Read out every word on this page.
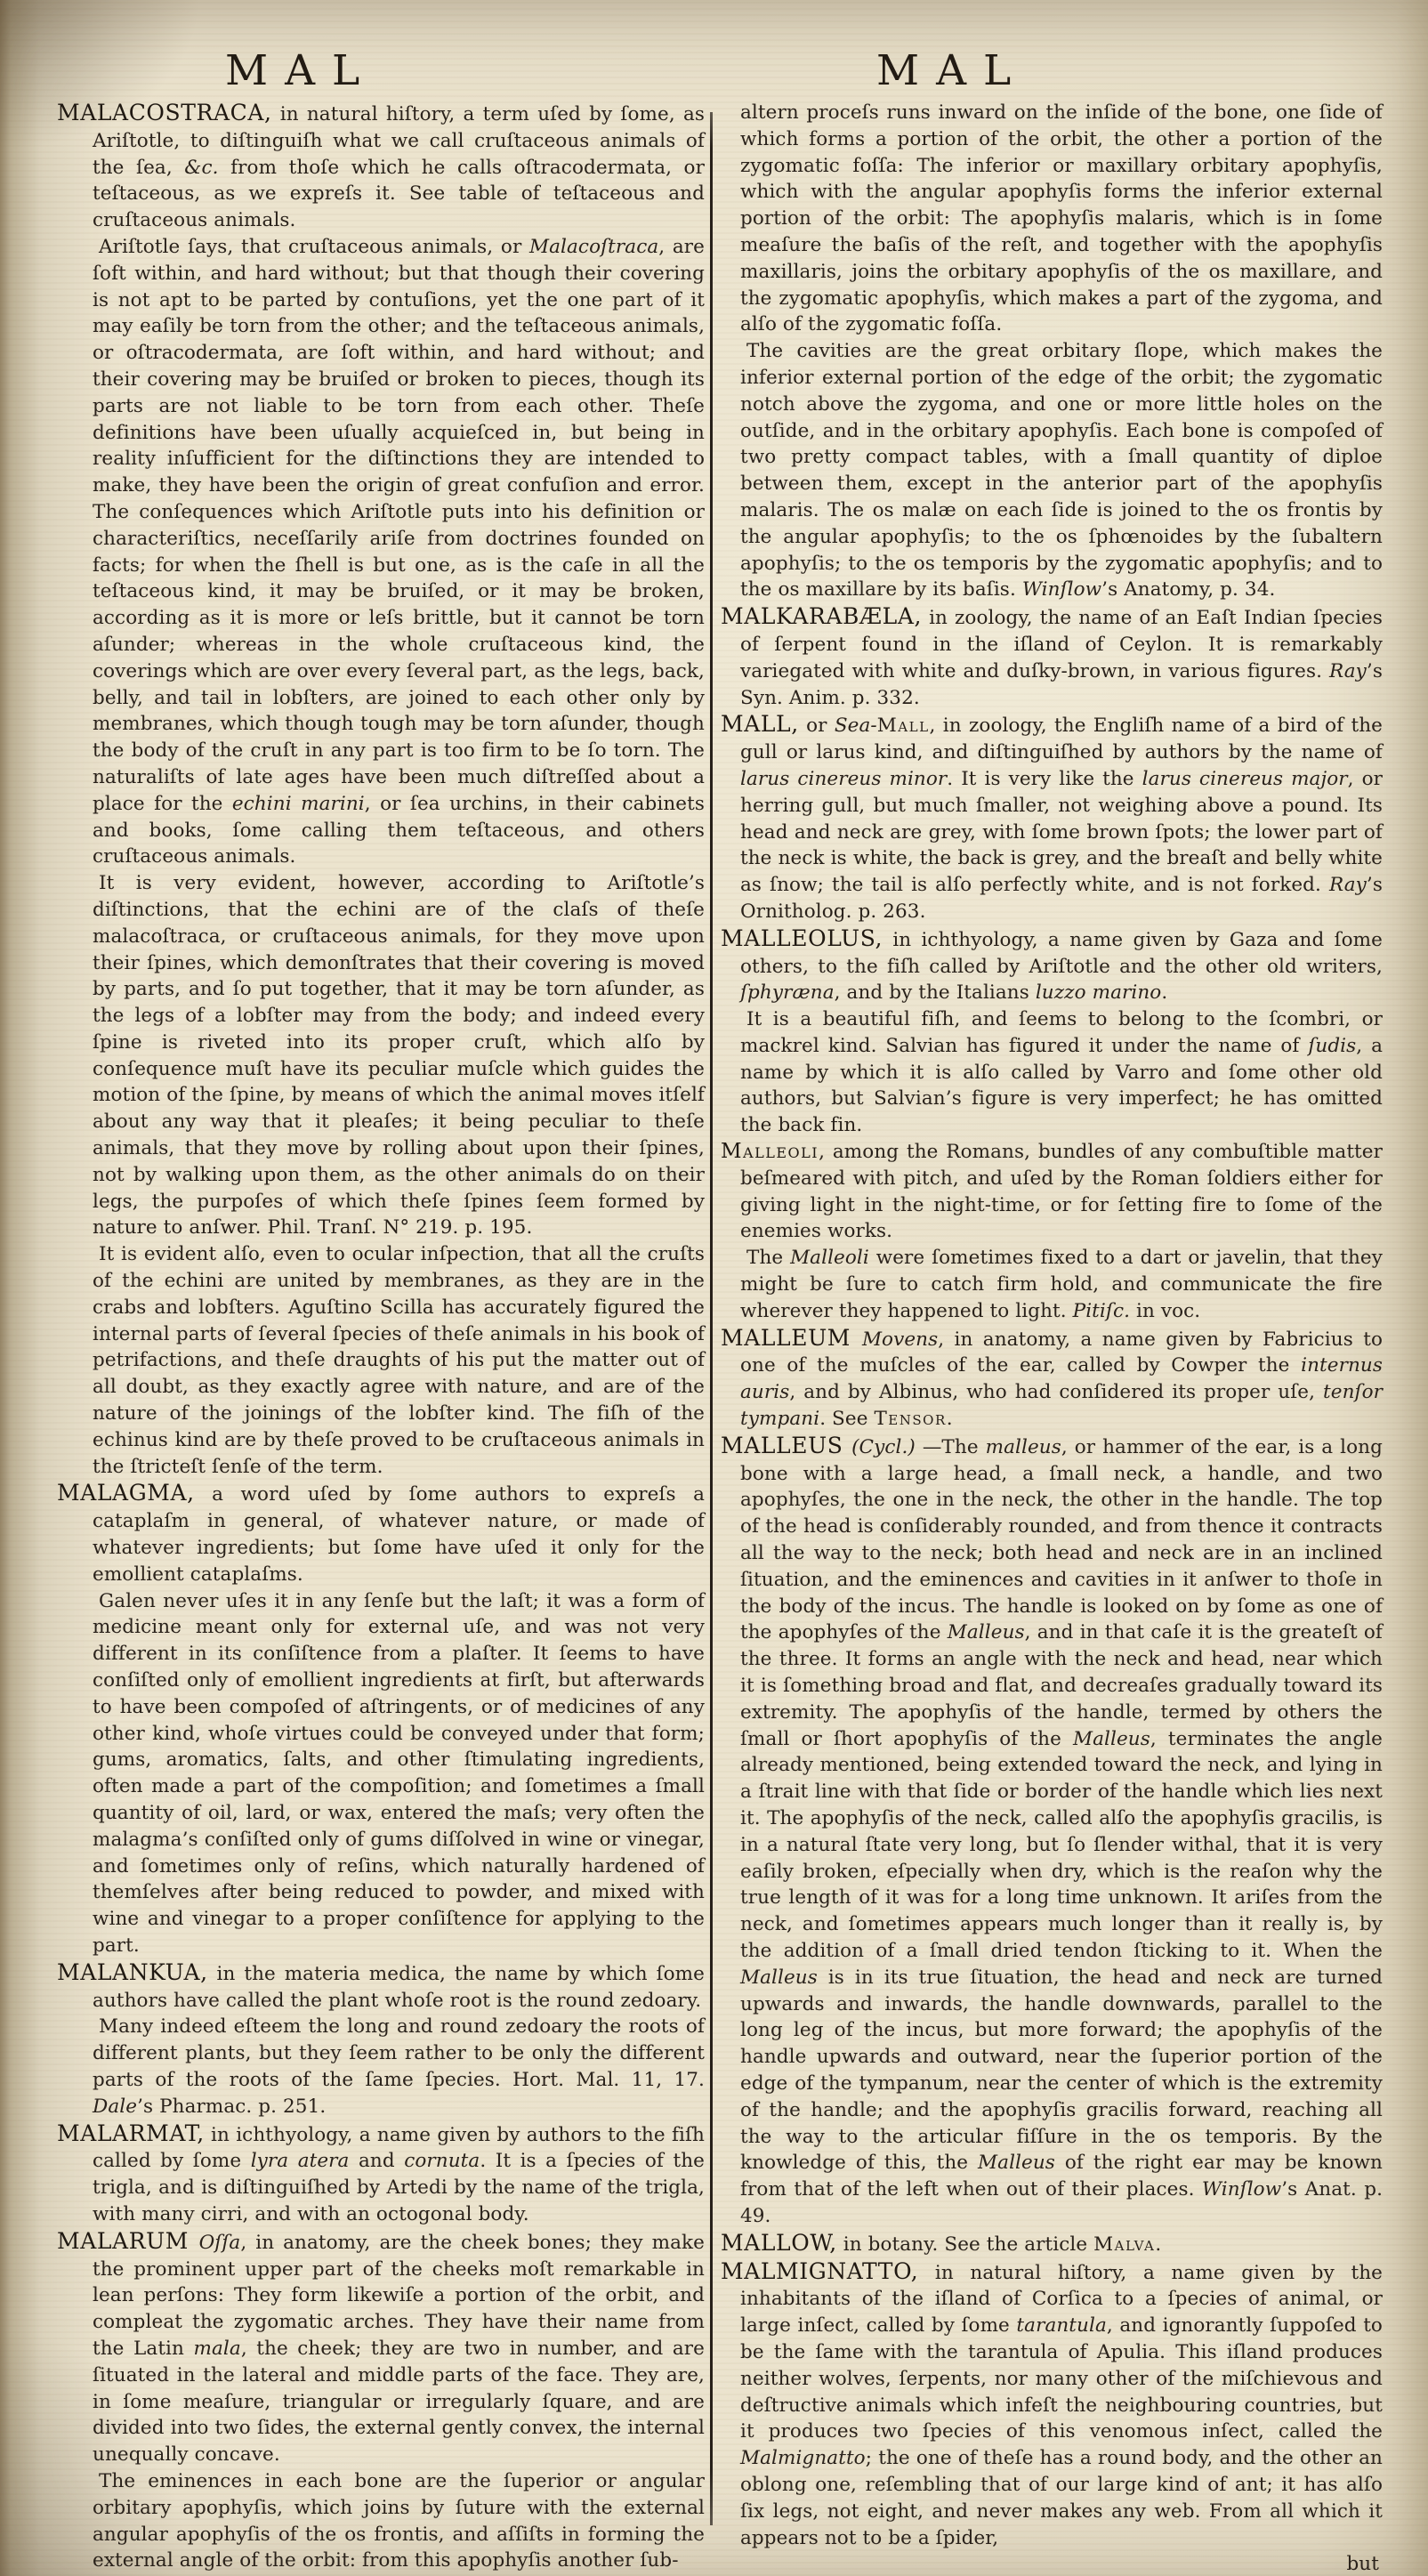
M A L	M A L
MALACOSTRACA, in natural hiſtory, a term uſed by ſome, as Ariſtotle, to diſtinguiſh what we call cruſtaceous animals of the ſea, &c. from thoſe which he calls oſtracodermata, or teſtaceous, as we expreſs it. See table of teſtaceous and cruſtaceous animals.
Ariſtotle ſays, that cruſtaceous animals, or Malacoſtraca, are ſoft within, and hard without; but that though their covering is not apt to be parted by contuſions, yet the one part of it may eaſily be torn from the other; and the teſtaceous animals, or oſtracodermata, are ſoft within, and hard without; and their covering may be bruiſed or broken to pieces, though its parts are not liable to be torn from each other. Theſe definitions have been uſually acquieſced in, but being in reality inſufficient for the diſtinctions they are intended to make, they have been the origin of great confuſion and error. The conſequences which Ariſtotle puts into his definition or characteriſtics, neceſſarily ariſe from doctrines founded on facts; for when the ſhell is but one, as is the caſe in all the teſtaceous kind, it may be bruiſed, or it may be broken, according as it is more or leſs brittle, but it cannot be torn aſunder; whereas in the whole cruſtaceous kind, the coverings which are over every ſeveral part, as the legs, back, belly, and tail in lobſters, are joined to each other only by membranes, which though tough may be torn aſunder, though the body of the cruſt in any part is too firm to be ſo torn. The naturaliſts of late ages have been much diſtreſſed about a place for the echini marini, or ſea urchins, in their cabinets and books, ſome calling them teſtaceous, and others cruſtaceous animals.
It is very evident, however, according to Ariſtotle’s diſtinctions, that the echini are of the claſs of theſe malacoſtraca, or cruſtaceous animals, for they move upon their ſpines, which demonſtrates that their covering is moved by parts, and ſo put together, that it may be torn aſunder, as the legs of a lobſter may from the body; and indeed every ſpine is riveted into its proper cruſt, which alſo by conſequence muſt have its peculiar muſcle which guides the motion of the ſpine, by means of which the animal moves itſelf about any way that it pleaſes; it being peculiar to theſe animals, that they move by rolling about upon their ſpines, not by walking upon them, as the other animals do on their legs, the purpoſes of which theſe ſpines ſeem formed by nature to anſwer. Phil. Tranſ. N° 219. p. 195.
It is evident alſo, even to ocular inſpection, that all the cruſts of the echini are united by membranes, as they are in the crabs and lobſters. Aguſtino Scilla has accurately figured the internal parts of ſeveral ſpecies of theſe animals in his book of petrifactions, and theſe draughts of his put the matter out of all doubt, as they exactly agree with nature, and are of the nature of the joinings of the lobſter kind. The fiſh of the echinus kind are by theſe proved to be cruſtaceous animals in the ſtricteſt ſenſe of the term.
MALAGMA, a word uſed by ſome authors to expreſs a cataplaſm in general, of whatever nature, or made of whatever ingredients; but ſome have uſed it only for the emollient cataplaſms.
Galen never uſes it in any ſenſe but the laſt; it was a form of medicine meant only for external uſe, and was not very different in its conſiſtence from a plaſter. It ſeems to have conſiſted only of emollient ingredients at firſt, but afterwards to have been compoſed of aſtringents, or of medicines of any other kind, whoſe virtues could be conveyed under that form; gums, aromatics, ſalts, and other ſtimulating ingredients, often made a part of the compoſition; and ſometimes a ſmall quantity of oil, lard, or wax, entered the maſs; very often the malagma’s conſiſted only of gums diſſolved in wine or vinegar, and ſometimes only of reſins, which naturally hardened of themſelves after being reduced to powder, and mixed with wine and vinegar to a proper conſiſtence for applying to the part.
MALANKUA, in the materia medica, the name by which ſome authors have called the plant whoſe root is the round zedoary.
Many indeed eſteem the long and round zedoary the roots of different plants, but they ſeem rather to be only the different parts of the roots of the ſame ſpecies. Hort. Mal. 11, 17. Dale’s Pharmac. p. 251.
MALARMAT, in ichthyology, a name given by authors to the fiſh called by ſome lyra atera and cornuta. It is a ſpecies of the trigla, and is diſtinguiſhed by Artedi by the name of the trigla, with many cirri, and with an octogonal body.
MALARUM Oſſa, in anatomy, are the cheek bones; they make the prominent upper part of the cheeks moſt remarkable in lean perſons: They form likewiſe a portion of the orbit, and compleat the zygomatic arches. They have their name from the Latin mala, the cheek; they are two in number, and are ſituated in the lateral and middle parts of the face. They are, in ſome meaſure, triangular or irregularly ſquare, and are divided into two ſides, the external gently convex, the internal unequally concave.
The eminences in each bone are the ſuperior or angular orbitary apophyſis, which joins by ſuture with the external angular apophyſis of the os frontis, and aſſiſts in forming the external angle of the orbit: from this apophyſis another ſub-
altern proceſs runs inward on the inſide of the bone, one ſide of which forms a portion of the orbit, the other a portion of the zygomatic foſſa: The inferior or maxillary orbitary apophyſis, which with the angular apophyſis forms the inferior external portion of the orbit: The apophyſis malaris, which is in ſome meaſure the baſis of the reſt, and together with the apophyſis maxillaris, joins the orbitary apophyſis of the os maxillare, and the zygomatic apophyſis, which makes a part of the zygoma, and alſo of the zygomatic foſſa.
The cavities are the great orbitary ſlope, which makes the inferior external portion of the edge of the orbit; the zygomatic notch above the zygoma, and one or more little holes on the outſide, and in the orbitary apophyſis. Each bone is compoſed of two pretty compact tables, with a ſmall quantity of diploe between them, except in the anterior part of the apophyſis malaris. The os malæ on each ſide is joined to the os frontis by the angular apophyſis; to the os ſphœnoides by the ſubaltern apophyſis; to the os temporis by the zygomatic apophyſis; and to the os maxillare by its baſis. Winſlow’s Anatomy, p. 34.
MALKARABÆLA, in zoology, the name of an Eaſt Indian ſpecies of ſerpent found in the iſland of Ceylon. It is remarkably variegated with white and duſky-brown, in various figures. Ray’s Syn. Anim. p. 332.
MALL, or Sea-Mall, in zoology, the Engliſh name of a bird of the gull or larus kind, and diſtinguiſhed by authors by the name of larus cinereus minor. It is very like the larus cinereus major, or herring gull, but much ſmaller, not weighing above a pound. Its head and neck are grey, with ſome brown ſpots; the lower part of the neck is white, the back is grey, and the breaſt and belly white as ſnow; the tail is alſo perfectly white, and is not forked. Ray’s Ornitholog. p. 263.
MALLEOLUS, in ichthyology, a name given by Gaza and ſome others, to the fiſh called by Ariſtotle and the other old writers, ſphyræna, and by the Italians luzzo marino.
It is a beautiful fiſh, and ſeems to belong to the ſcombri, or mackrel kind. Salvian has figured it under the name of ſudis, a name by which it is alſo called by Varro and ſome other old authors, but Salvian’s figure is very imperfect; he has omitted the back fin.
Malleoli, among the Romans, bundles of any combuſtible matter beſmeared with pitch, and uſed by the Roman ſoldiers either for giving light in the night-time, or for ſetting fire to ſome of the enemies works.
The Malleoli were ſometimes fixed to a dart or javelin, that they might be ſure to catch firm hold, and communicate the fire wherever they happened to light. Pitiſc. in voc.
MALLEUM Movens, in anatomy, a name given by Fabricius to one of the muſcles of the ear, called by Cowper the internus auris, and by Albinus, who had conſidered its proper uſe, tenſor tympani. See Tensor.
MALLEUS (Cycl.) —The malleus, or hammer of the ear, is a long bone with a large head, a ſmall neck, a handle, and two apophyſes, the one in the neck, the other in the handle. The top of the head is conſiderably rounded, and from thence it contracts all the way to the neck; both head and neck are in an inclined ſituation, and the eminences and cavities in it anſwer to thoſe in the body of the incus. The handle is looked on by ſome as one of the apophyſes of the Malleus, and in that caſe it is the greateſt of the three. It forms an angle with the neck and head, near which it is ſomething broad and flat, and decreaſes gradually toward its extremity. The apophyſis of the handle, termed by others the ſmall or ſhort apophyſis of the Malleus, terminates the angle already mentioned, being extended toward the neck, and lying in a ſtrait line with that ſide or border of the handle which lies next it. The apophyſis of the neck, called alſo the apophyſis gracilis, is in a natural ſtate very long, but ſo ſlender withal, that it is very eaſily broken, eſpecially when dry, which is the reaſon why the true length of it was for a long time unknown. It ariſes from the neck, and ſometimes appears much longer than it really is, by the addition of a ſmall dried tendon ſticking to it. When the Malleus is in its true ſituation, the head and neck are turned upwards and inwards, the handle downwards, parallel to the long leg of the incus, but more forward; the apophyſis of the handle upwards and outward, near the ſuperior portion of the edge of the tympanum, near the center of which is the extremity of the handle; and the apophyſis gracilis forward, reaching all the way to the articular fiſſure in the os temporis. By the knowledge of this, the Malleus of the right ear may be known from that of the left when out of their places. Winſlow’s Anat. p. 49.
MALLOW, in botany. See the article Malva.
MALMIGNATTO, in natural hiſtory, a name given by the inhabitants of the iſland of Corſica to a ſpecies of animal, or large inſect, called by ſome tarantula, and ignorantly ſuppoſed to be the ſame with the tarantula of Apulia. This iſland produces neither wolves, ſerpents, nor many other of the miſchievous and deſtructive animals which infeſt the neighbouring countries, but it produces two ſpecies of this venomous inſect, called the Malmignatto; the one of theſe has a round body, and the other an oblong one, reſembling that of our large kind of ant; it has alſo ſix legs, not eight, and never makes any web. From all which it appears not to be a ſpider,
but
